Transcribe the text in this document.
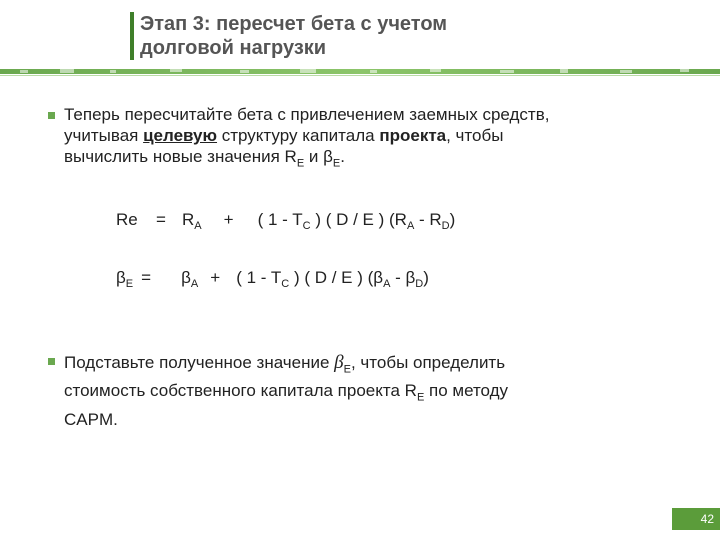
Этап 3: пересчет бета с учетом
долговой нагрузки
Теперь пересчитайте бета с привлечением заемных средств,
учитывая целевую структуру капитала проекта, чтобы
вычислить новые значения $R_E$ и $\beta_E$.
$Re = R_A$ + ( $1 - T_C$ ) ( D / E ) $(R_A - R_D)$
$\beta_E = \beta_A$ + ( $1 - T_C$ ) ( D / E ) $(\beta_A - \beta_D)$
Подставьте полученное значение $\beta_E$, чтобы определить
стоимость собственного капитала проекта $R_E$ по методу
CAPM.
42
